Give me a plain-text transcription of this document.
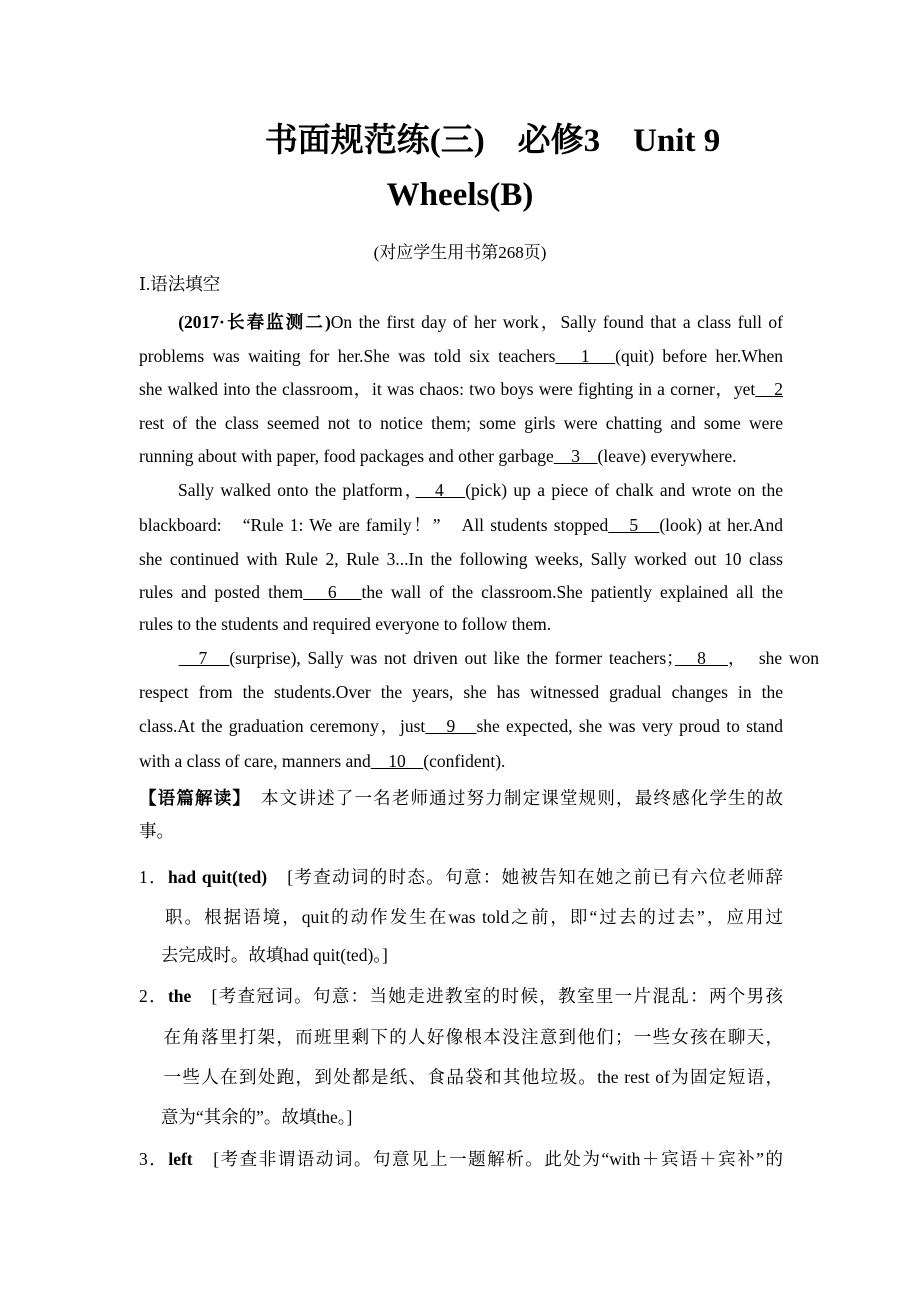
书面规范练(三)　必修3　Unit 9
Wheels(B)
(对应学生用书第268页)
Ⅰ.语法填空
　　(2017·长春监测二)On the first day of her work，Sally found that a class full of
problems was waiting for her.She was told six teachers　1　(quit) before her.When
she walked into the classroom，it was chaos: two boys were fighting in a corner，yet　2
rest of the class seemed not to notice them; some girls were chatting and some were
running about with paper, food packages and other garbage　3　(leave) everywhere.
　　Sally walked onto the platform，　4　(pick) up a piece of chalk and wrote on the
blackboard:　“Rule 1: We are family！”　All students stopped　5　(look) at her.And
she continued with Rule 2, Rule 3...In the following weeks, Sally worked out 10 class
rules and posted them　6　the wall of the classroom.She patiently explained all the
rules to the students and required everyone to follow them.
　　　7　(surprise), Sally was not driven out like the former teachers；　8　，　she won
respect from the students.Over the years, she has witnessed gradual changes in the
class.At the graduation ceremony，just　9　she expected, she was very proud to stand
with a class of care, manners and　10　(confident).
【语篇解读】　本文讲述了一名老师通过努力制定课堂规则，最终感化学生的故
事。
1．had quit(ted)　[考查动词的时态。句意：她被告知在她之前已有六位老师辞
　 职。根据语境，quit的动作发生在was told之前，即“过去的过去”，应用过
　 去完成时。故填had quit(ted)。]
2．the　[考查冠词。句意：当她走进教室的时候，教室里一片混乱：两个男孩
　 在角落里打架，而班里剩下的人好像根本没注意到他们；一些女孩在聊天，
　 一些人在到处跑，到处都是纸、食品袋和其他垃圾。the rest of为固定短语，
　 意为“其余的”。故填the。]
3．left　[考查非谓语动词。句意见上一题解析。此处为“with＋宾语＋宾补”的
